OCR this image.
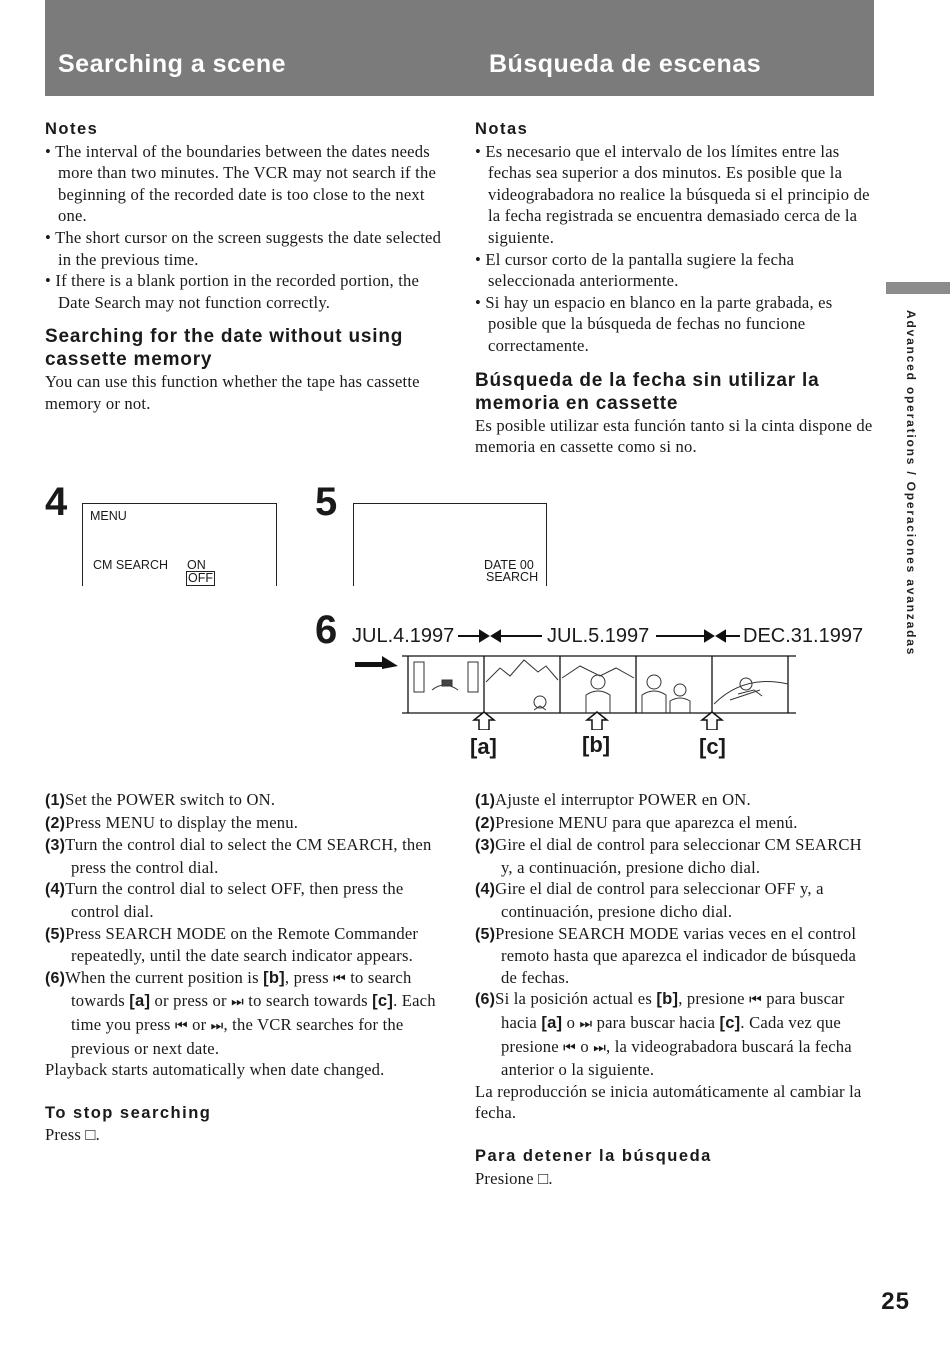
Searching a scene	Búsqueda de escenas
Advanced operations / Operaciones avanzadas
Notes
• The interval of the boundaries between the dates needs more than two minutes. The VCR may not search if the beginning of the recorded date is too close to the next one.
• The short cursor on the screen suggests the date selected in the previous time.
• If there is a blank portion in the recorded portion, the Date Search may not function correctly.
Searching for the date without using cassette memory
You can use this function whether the tape has cassette memory or not.
Notas
• Es necesario que el intervalo de los límites entre las fechas sea superior a dos minutos. Es posible que la videograbadora no realice la búsqueda si el principio de la fecha registrada se encuentra demasiado cerca de la siguiente.
• El cursor corto de la pantalla sugiere la fecha seleccionada anteriormente.
• Si hay un espacio en blanco en la parte grabada, es posible que la búsqueda de fechas no funcione correctamente.
Búsqueda de la fecha sin utilizar la memoria en cassette
Es posible utilizar esta función tanto si la cinta dispone de memoria en cassette como si no.
4 MENU
CM SEARCH ON
OFF
5
DATE 00
SEARCH
6 JUL.4.1997	JUL.5.1997	DEC.31.1997
[a]	[b]	[c]
(1)Set the POWER switch to ON.
(2)Press MENU to display the menu.
(3)Turn the control dial to select the CM SEARCH, then press the control dial.
(4)Turn the control dial to select OFF, then press the control dial.
(5)Press SEARCH MODE on the Remote Commander repeatedly, until the date search indicator appears.
(6)When the current position is [b], press ⏮ to search towards [a] or press or ⏭ to search towards [c]. Each time you press ⏮ or ⏭, the VCR searches for the previous or next date.
Playback starts automatically when date changed.
To stop searching
Press □.
(1)Ajuste el interruptor POWER en ON.
(2)Presione MENU para que aparezca el menú.
(3)Gire el dial de control para seleccionar CM SEARCH y, a continuación, presione dicho dial.
(4)Gire el dial de control para seleccionar OFF y, a continuación, presione dicho dial.
(5)Presione SEARCH MODE varias veces en el control remoto hasta que aparezca el indicador de búsqueda de fechas.
(6)Si la posición actual es [b], presione ⏮ para buscar hacia [a] o ⏭ para buscar hacia [c]. Cada vez que presione ⏮ o ⏭, la videograbadora buscará la fecha anterior o la siguiente.
La reproducción se inicia automáticamente al cambiar la fecha.
Para detener la búsqueda
Presione □.
25
